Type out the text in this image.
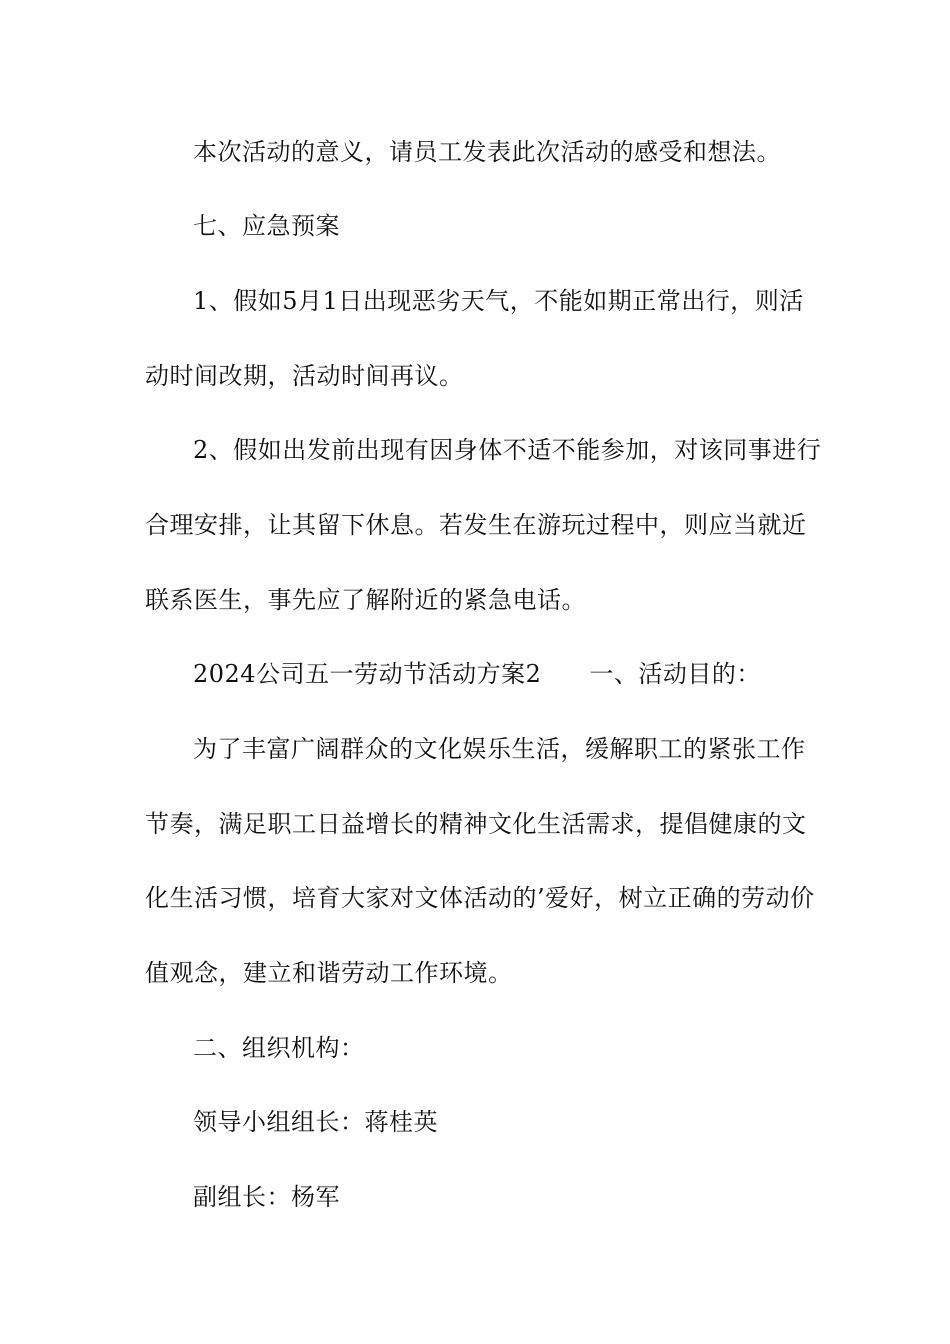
本次活动的意义，请员工发表此次活动的感受和想法。
七、应急预案
1、假如5月1日出现恶劣天气，不能如期正常出行，则活
动时间改期，活动时间再议。
2、假如出发前出现有因身体不适不能参加，对该同事进行
合理安排，让其留下休息。若发生在游玩过程中，则应当就近
联系医生，事先应了解附近的紧急电话。
2024公司五一劳动节活动方案2 一、活动目的：
为了丰富广阔群众的文化娱乐生活，缓解职工的紧张工作
节奏，满足职工日益增长的精神文化生活需求，提倡健康的文
化生活习惯，培育大家对文体活动的’爱好，树立正确的劳动价
值观念，建立和谐劳动工作环境。
二、组织机构：
领导小组组长：蒋桂英
副组长：杨军
